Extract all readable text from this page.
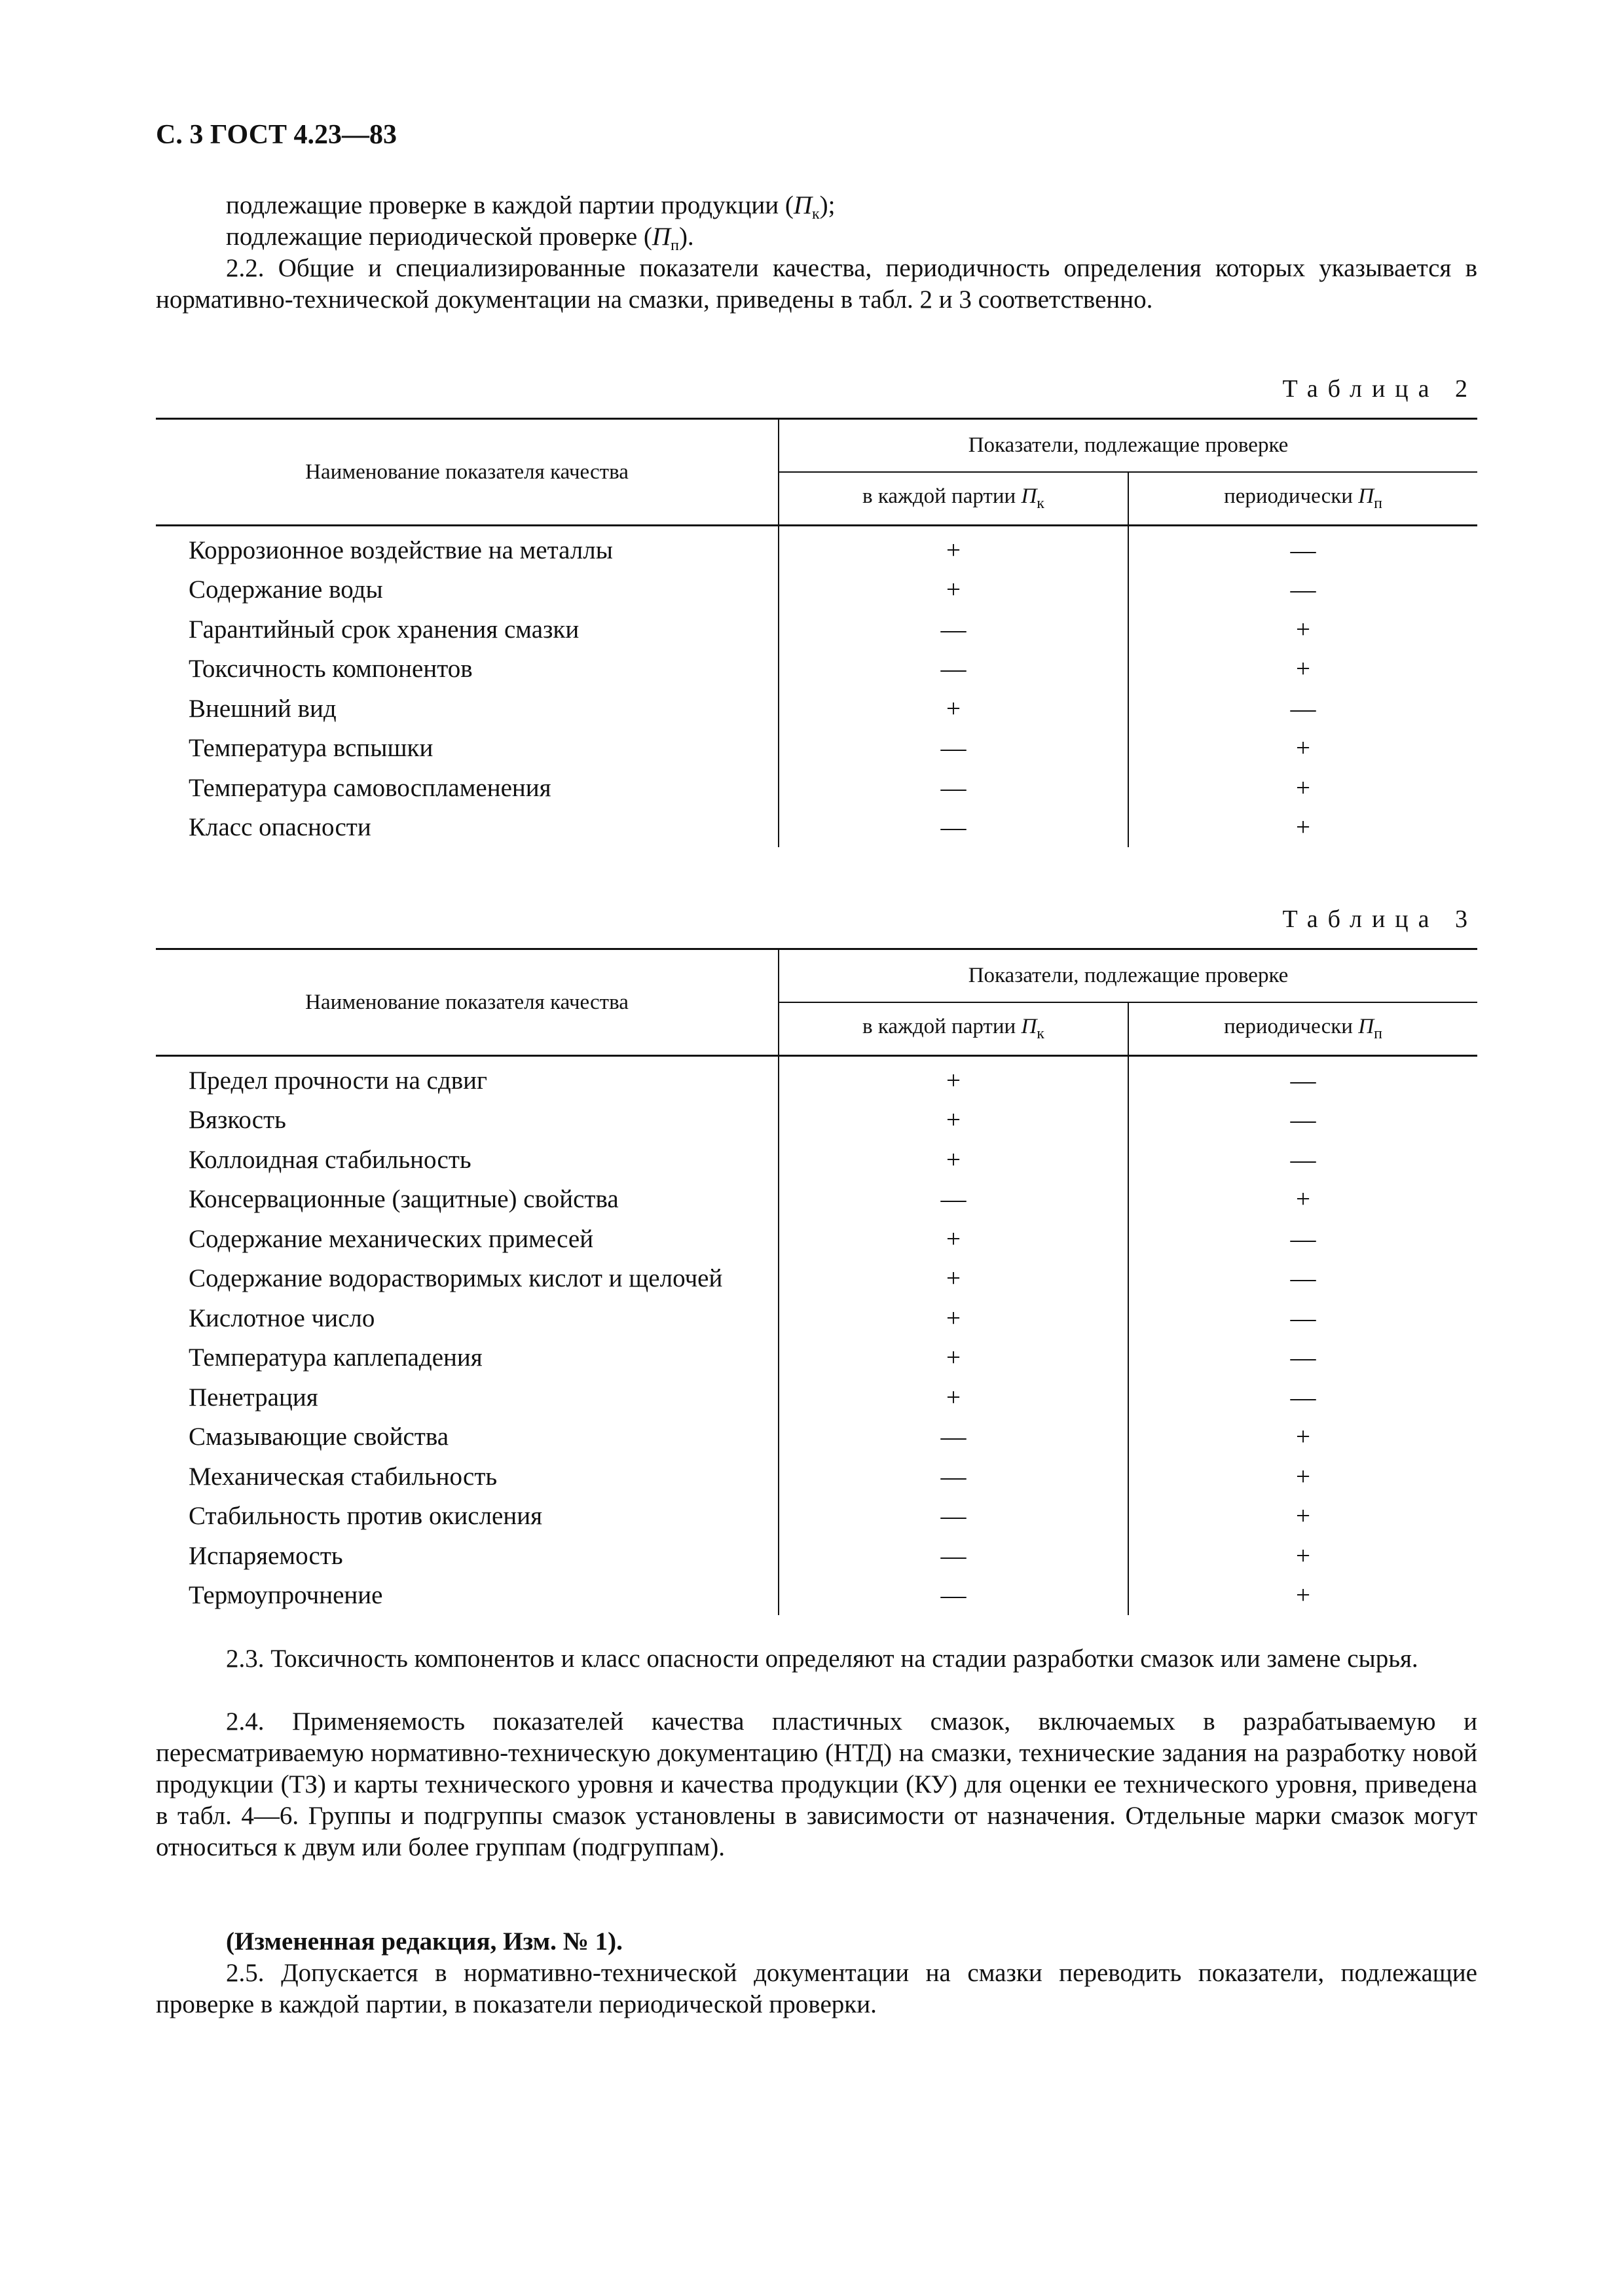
С. 3 ГОСТ 4.23—83
подлежащие проверке в каждой партии продукции $(П_к)$;
подлежащие периодической проверке $(П_п)$.
2.2. Общие и специализированные показатели качества, периодичность определения которых указывается в нормативно-технической документации на смазки, приведены в табл. 2 и 3 соответственно.
Таблица 2
Наименование показателя качества	Показатели, подлежащие проверке	
	в каждой партии $П_к$	периодически $П_п$
Коррозионное воздействие на металлы	+	—
Содержание воды	+	—
Гарантийный срок хранения смазки	—	+
Токсичность компонентов	—	+
Внешний вид	+	—
Температура вспышки	—	+
Температура самовоспламенения	—	+
Класс опасности	—	+
Таблица 3
Наименование показателя качества	Показатели, подлежащие проверке	
	в каждой партии $П_к$	периодически $П_п$
Предел прочности на сдвиг	+	—
Вязкость	+	—
Коллоидная стабильность	+	—
Консервационные (защитные) свойства	—	+
Содержание механических примесей	+	—
Содержание водорастворимых кислот и щелочей	+	—
Кислотное число	+	—
Температура каплепадения	+	—
Пенетрация	+	—
Смазывающие свойства	—	+
Механическая стабильность	—	+
Стабильность против окисления	—	+
Испаряемость	—	+
Термоупрочнение	—	+
2.3. Токсичность компонентов и класс опасности определяют на стадии разработки смазок или замене сырья.
2.4. Применяемость показателей качества пластичных смазок, включаемых в разрабатываемую и пересматриваемую нормативно-техническую документацию (НТД) на смазки, технические задания на разработку новой продукции (ТЗ) и карты технического уровня и качества продукции (КУ) для оценки ее технического уровня, приведена в табл. 4—6. Группы и подгруппы смазок установлены в зависимости от назначения. Отдельные марки смазок могут относиться к двум или более группам (подгруппам).
(Измененная редакция, Изм. № 1).
2.5. Допускается в нормативно-технической документации на смазки переводить показатели, подлежащие проверке в каждой партии, в показатели периодической проверки.
